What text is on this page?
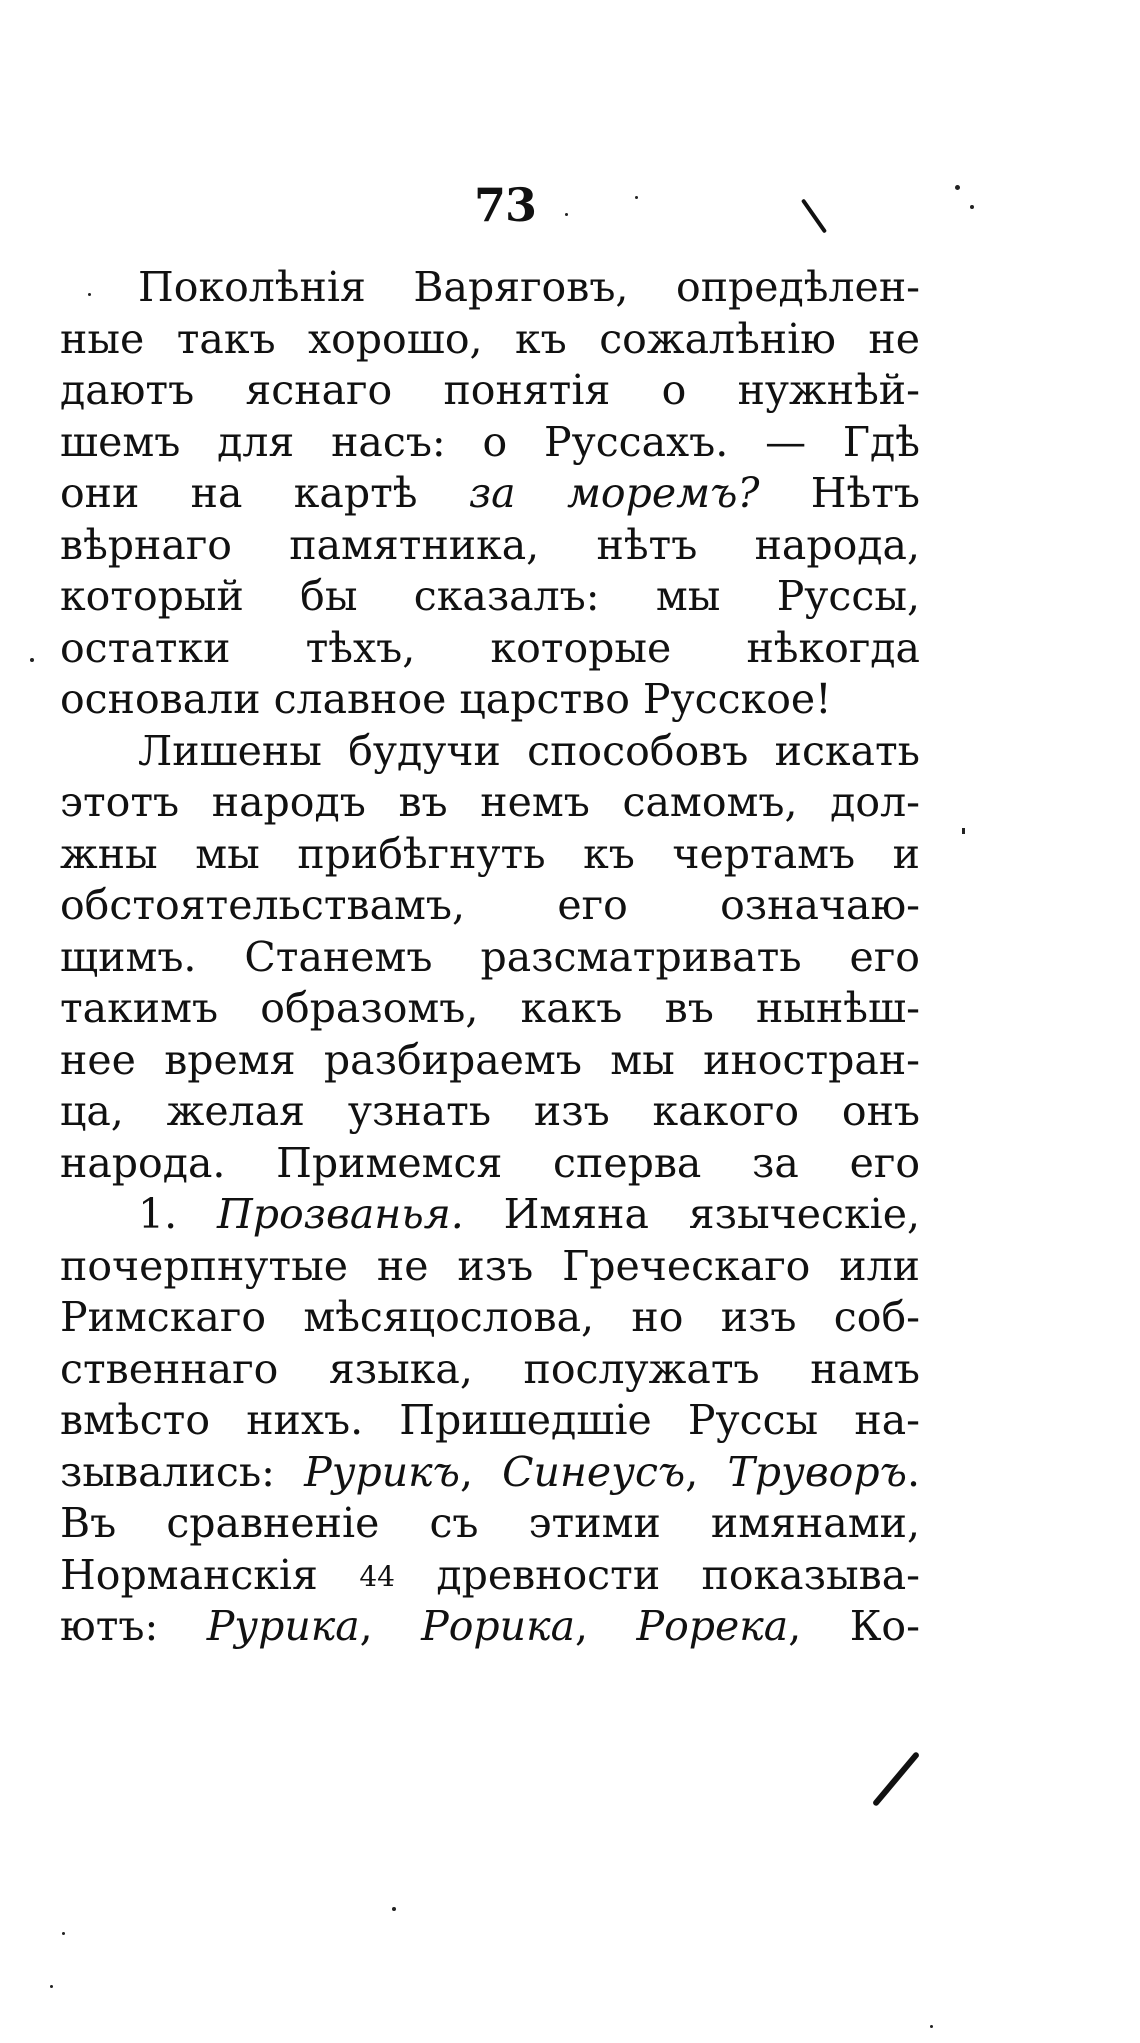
73
Поколѣнія Варяговъ, опредѣлен-
ные такъ хорошо, къ сожалѣнію не
даютъ яснаго понятія о нужнѣй-
шемъ для насъ: о Руссахъ. — Гдѣ
они на картѣ за моремъ? Нѣтъ
вѣрнаго памятника, нѣтъ народа,
который бы сказалъ: мы Руссы,
остатки тѣхъ, которые нѣкогда
основали славное царство Русское!
Лишены будучи способовъ искать
этотъ народъ въ немъ самомъ, дол-
жны мы прибѣгнуть къ чертамъ и
обстоятельствамъ, его означаю-
щимъ. Станемъ разсматривать его
такимъ образомъ, какъ въ нынѣш-
нее время разбираемъ мы иностран-
ца, желая узнать изъ какого онъ
народа. Примемся сперва за его
1. Прозванья. Имяна языческіе,
почерпнутые не изъ Греческаго или
Римскаго мѣсяцослова, но изъ соб-
ственнаго языка, послужатъ намъ
вмѣсто нихъ. Пришедшіе Руссы на-
зывались: Рурикъ, Синеусъ, Труворъ.
Въ сравненіе съ этими имянами,
Норманскія 44 древности показыва-
ютъ: Рурика, Рорика, Рорека, Ко-
